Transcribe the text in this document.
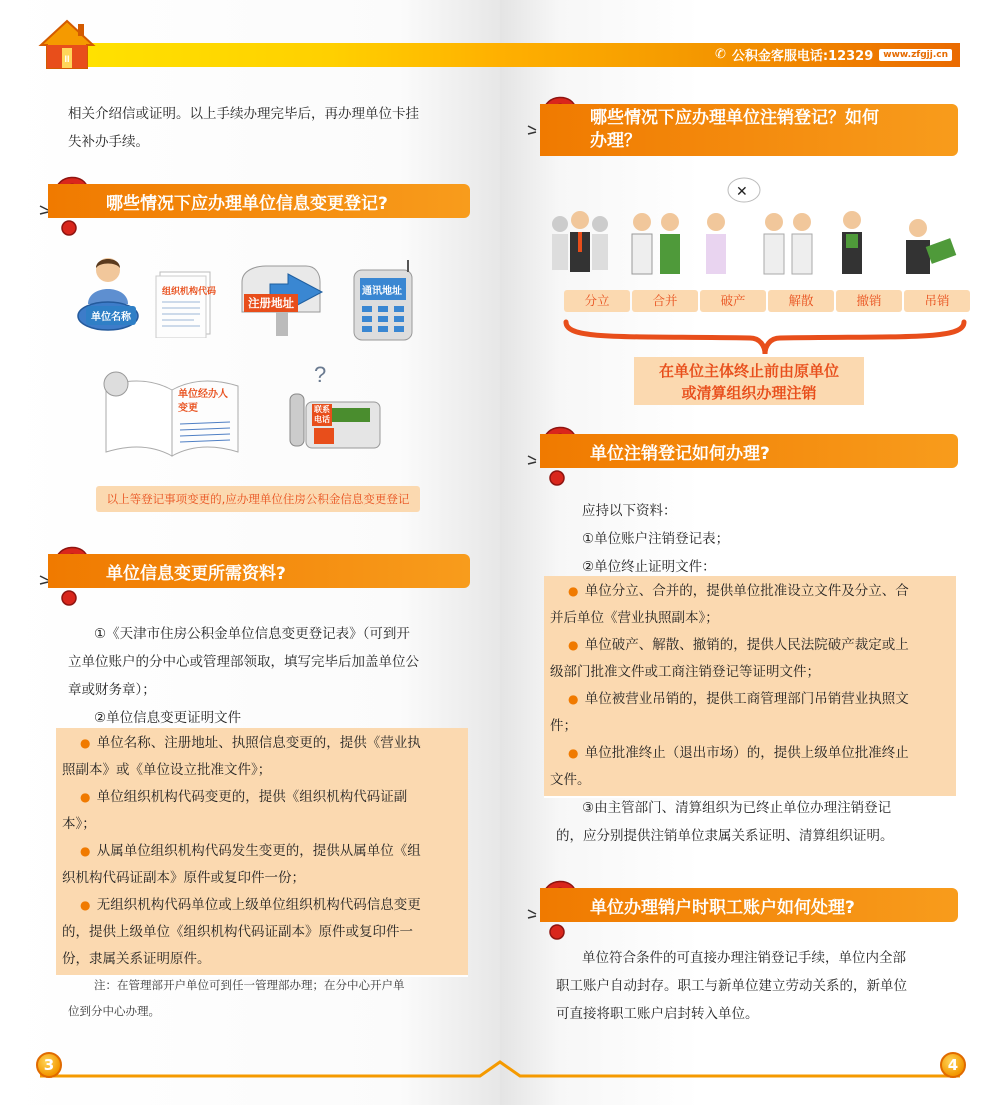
II	✆ 公积金客服电话:12329	www.zfgjj.cn
相关介绍信或证明。以上手续办理完毕后，再办理单位卡挂
失补办手续。
哪些情况下应办理单位信息变更登记?
单位名称
组织机构代码
注册地址
通讯地址
单位经办人
变更
?
联系
电话
以上等登记事项变更的,应办理单位住房公积金信息变更登记
单位信息变更所需资料?
①《天津市住房公积金单位信息变更登记表》（可到开
立单位账户的分中心或管理部领取，填写完毕后加盖单位公
章或财务章）；
②单位信息变更证明文件
● 单位名称、注册地址、执照信息变更的，提供《营业执
照副本》或《单位设立批准文件》；
● 单位组织机构代码变更的，提供《组织机构代码证副
本》；
● 从属单位组织机构代码发生变更的，提供从属单位《组
织机构代码证副本》原件或复印件一份；
● 无组织机构代码单位或上级单位组织机构代码信息变更
的，提供上级单位《组织机构代码证副本》原件或复印件一
份，隶属关系证明原件。
注：在管理部开户单位可到任一管理部办理；在分中心开户单
位到分中心办理。
哪些情况下应办理单位注销登记？如何
办理？
✕
分立	合并	破产	解散	撤销	吊销
在单位主体终止前由原单位
或清算组织办理注销
单位注销登记如何办理?
应持以下资料：
①单位账户注销登记表；
②单位终止证明文件：
● 单位分立、合并的，提供单位批准设立文件及分立、合
并后单位《营业执照副本》；
● 单位破产、解散、撤销的，提供人民法院破产裁定或上
级部门批准文件或工商注销登记等证明文件；
● 单位被营业吊销的，提供工商管理部门吊销营业执照文
件；
● 单位批准终止（退出市场）的，提供上级单位批准终止
文件。
③由主管部门、清算组织为已终止单位办理注销登记
的，应分别提供注销单位隶属关系证明、清算组织证明。
单位办理销户时职工账户如何处理?
单位符合条件的可直接办理注销登记手续，单位内全部
职工账户自动封存。职工与新单位建立劳动关系的，新单位
可直接将职工账户启封转入单位。
3	4
